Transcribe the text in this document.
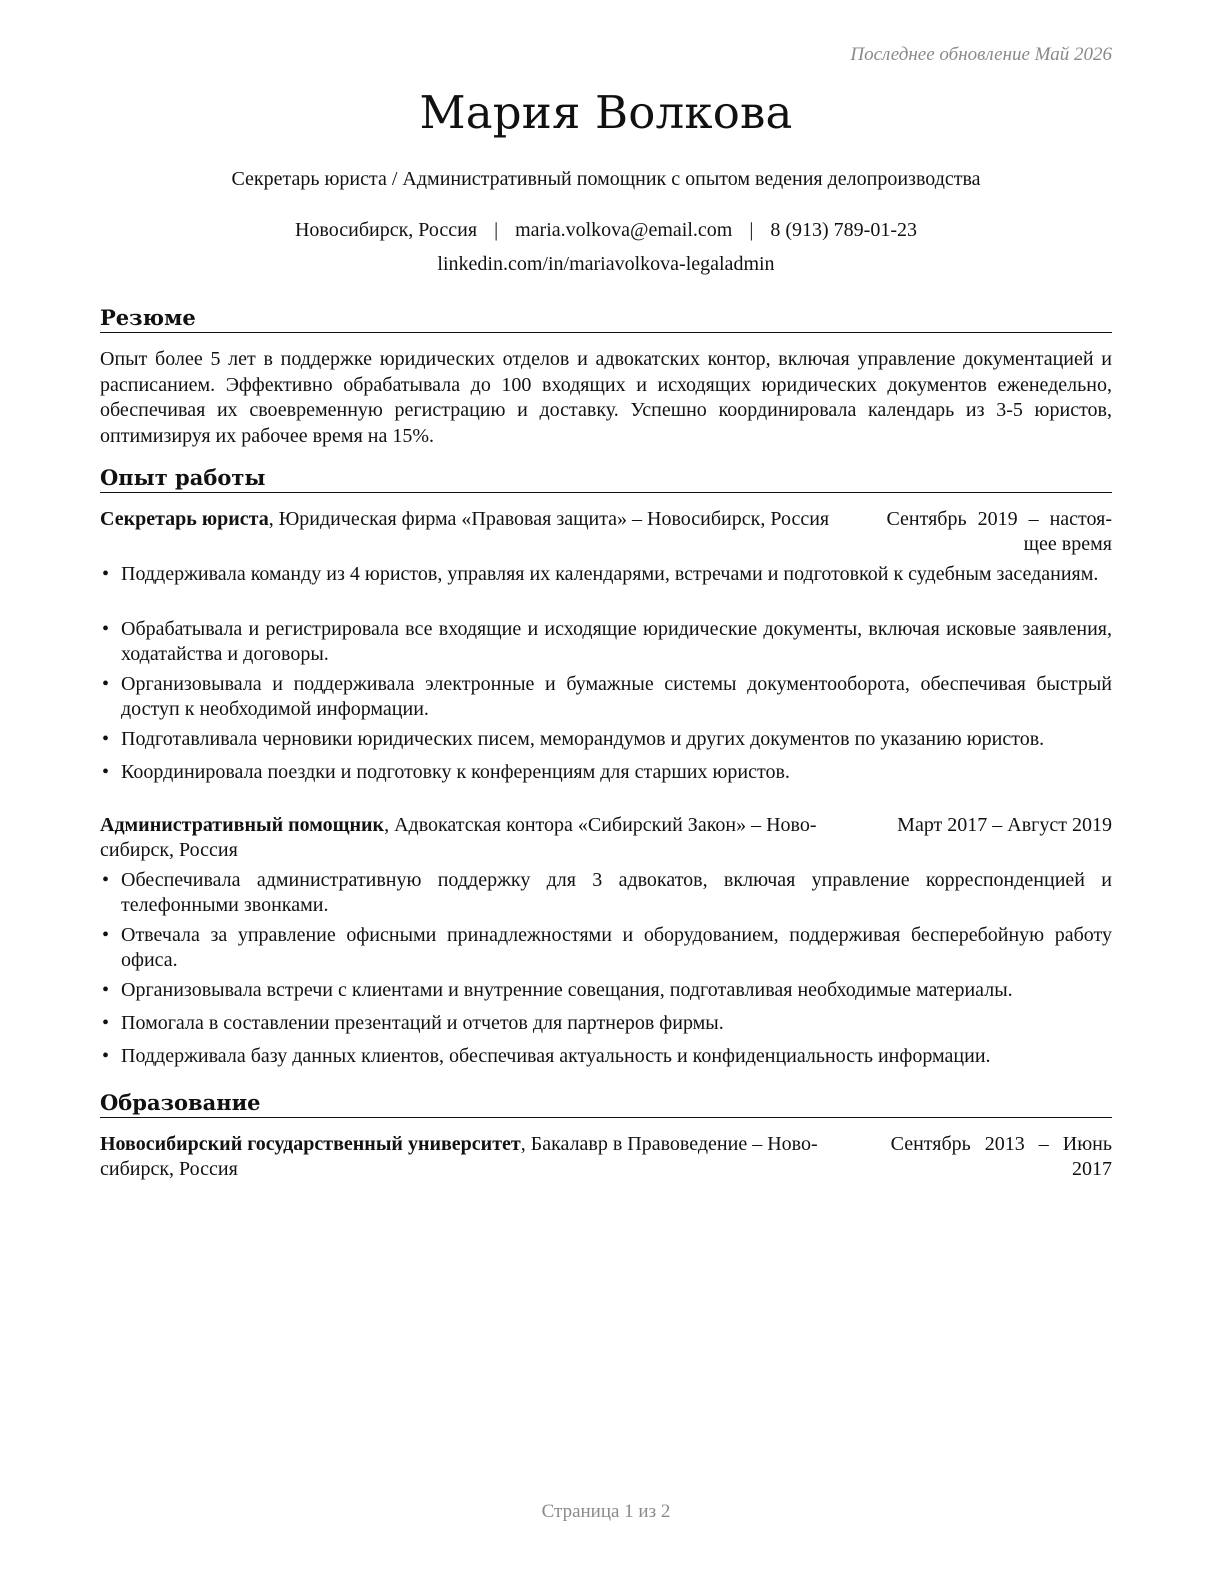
Последнее обновление Май 2026
Мария Волкова
Секретарь юриста / Административный помощник с опытом ведения делопроизводства
Новосибирск, Россия | maria.volkova@email.com | 8 (913) 789-01-23
linkedin.com/in/mariavolkova-legaladmin
Резюме
Опыт более 5 лет в поддержке юридических отделов и адвокатских контор, включая управление документацией и расписанием. Эффективно обрабатывала до 100 входящих и исходящих юридических документов еженедельно, обеспечивая их своевременную регистрацию и доставку. Успешно координировала календарь из 3-5 юристов, оптимизируя их рабочее время на 15%.
Опыт работы
Секретарь юриста, Юридическая фирма «Правовая защита» – Новосибирск, Россия	Сентябрь 2019 – настоя-
щее время
• Поддерживала команду из 4 юристов, управляя их календарями, встречами и подготовкой к судебным заседаниям.
• Обрабатывала и регистрировала все входящие и исходящие юридические документы, включая исковые заявления, ходатайства и договоры.
• Организовывала и поддерживала электронные и бумажные системы документооборота, обеспечивая быстрый доступ к необходимой информации.
• Подготавливала черновики юридических писем, меморандумов и других документов по указанию юристов.
• Координировала поездки и подготовку к конференциям для старших юристов.
Административный помощник, Адвокатская контора «Сибирский Закон» – Ново-
сибирск, Россия
Март 2017 – Август 2019
• Обеспечивала административную поддержку для 3 адвокатов, включая управление корреспонденцией и телефонными звонками.
• Отвечала за управление офисными принадлежностями и оборудованием, поддерживая бесперебойную работу офиса.
• Организовывала встречи с клиентами и внутренние совещания, подготавливая необходимые материалы.
• Помогала в составлении презентаций и отчетов для партнеров фирмы.
• Поддерживала базу данных клиентов, обеспечивая актуальность и конфиденциальность информации.
Образование
Новосибирский государственный университет, Бакалавр в Правоведение – Ново-
сибирск, Россия
Сентябрь 2013 – Июнь
2017
Страница 1 из 2
